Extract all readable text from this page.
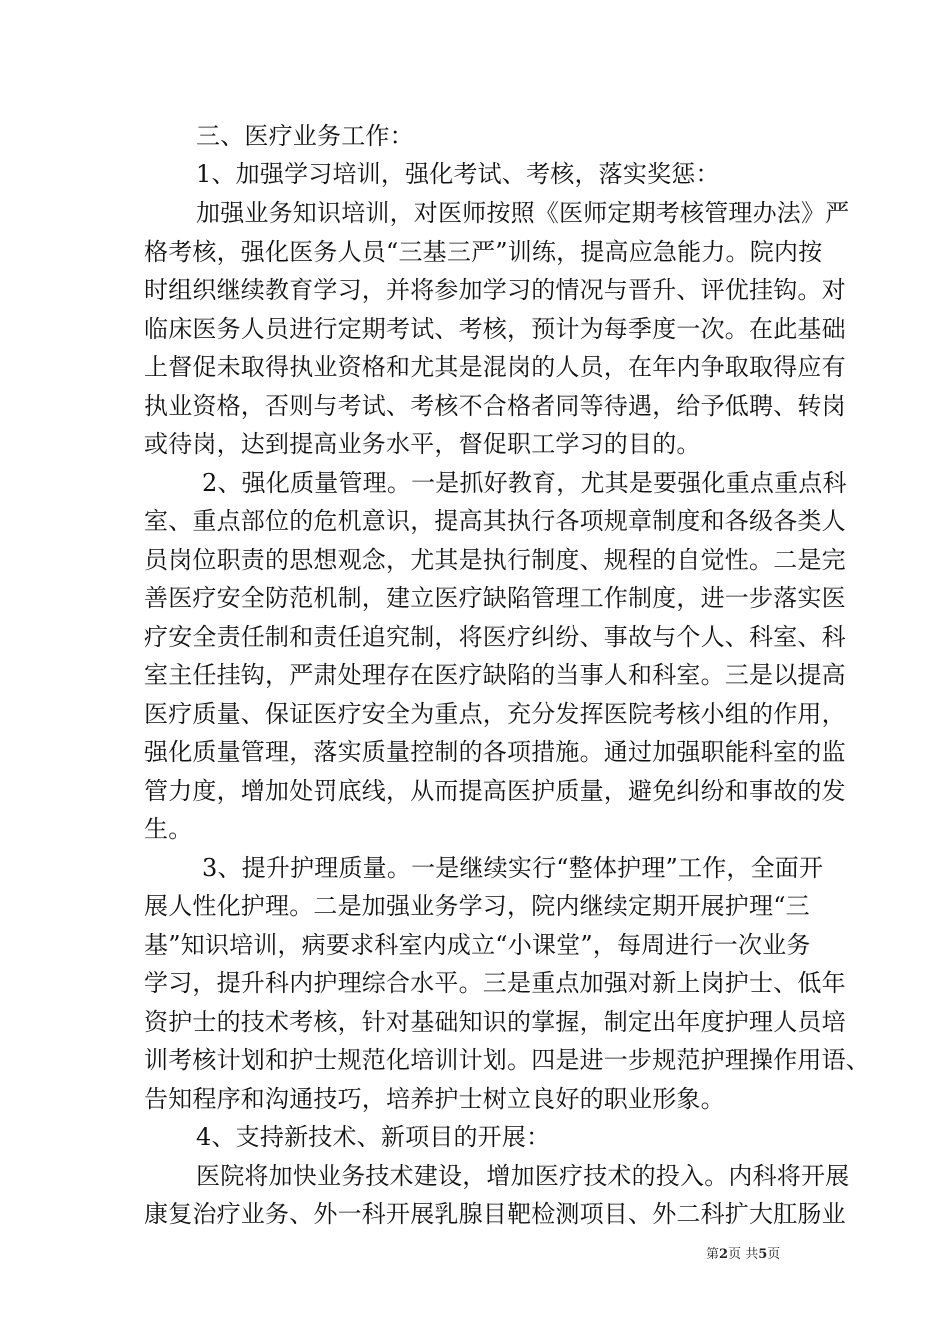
三、医疗业务工作：
1、加强学习培训，强化考试、考核，落实奖惩：
加强业务知识培训，对医师按照《医师定期考核管理办法》严
格考核，强化医务人员“三基三严”训练，提高应急能力。院内按
时组织继续教育学习，并将参加学习的情况与晋升、评优挂钩。对
临床医务人员进行定期考试、考核，预计为每季度一次。在此基础
上督促未取得执业资格和尤其是混岗的人员，在年内争取取得应有
执业资格，否则与考试、考核不合格者同等待遇，给予低聘、转岗
或待岗，达到提高业务水平，督促职工学习的目的。
2、强化质量管理。一是抓好教育，尤其是要强化重点重点科
室、重点部位的危机意识，提高其执行各项规章制度和各级各类人
员岗位职责的思想观念，尤其是执行制度、规程的自觉性。二是完
善医疗安全防范机制，建立医疗缺陷管理工作制度，进一步落实医
疗安全责任制和责任追究制，将医疗纠纷、事故与个人、科室、科
室主任挂钩，严肃处理存在医疗缺陷的当事人和科室。三是以提高
医疗质量、保证医疗安全为重点，充分发挥医院考核小组的作用，
强化质量管理，落实质量控制的各项措施。通过加强职能科室的监
管力度，增加处罚底线，从而提高医护质量，避免纠纷和事故的发
生。
3、提升护理质量。一是继续实行“整体护理”工作，全面开
展人性化护理。二是加强业务学习，院内继续定期开展护理“三
基”知识培训，病要求科室内成立“小课堂”，每周进行一次业务
学习，提升科内护理综合水平。三是重点加强对新上岗护士、低年
资护士的技术考核，针对基础知识的掌握，制定出年度护理人员培
训考核计划和护士规范化培训计划。四是进一步规范护理操作用语、
告知程序和沟通技巧，培养护士树立良好的职业形象。
4、支持新技术、新项目的开展：
医院将加快业务技术建设，增加医疗技术的投入。内科将开展
康复治疗业务、外一科开展乳腺目靶检测项目、外二科扩大肛肠业
第2页 共5页
